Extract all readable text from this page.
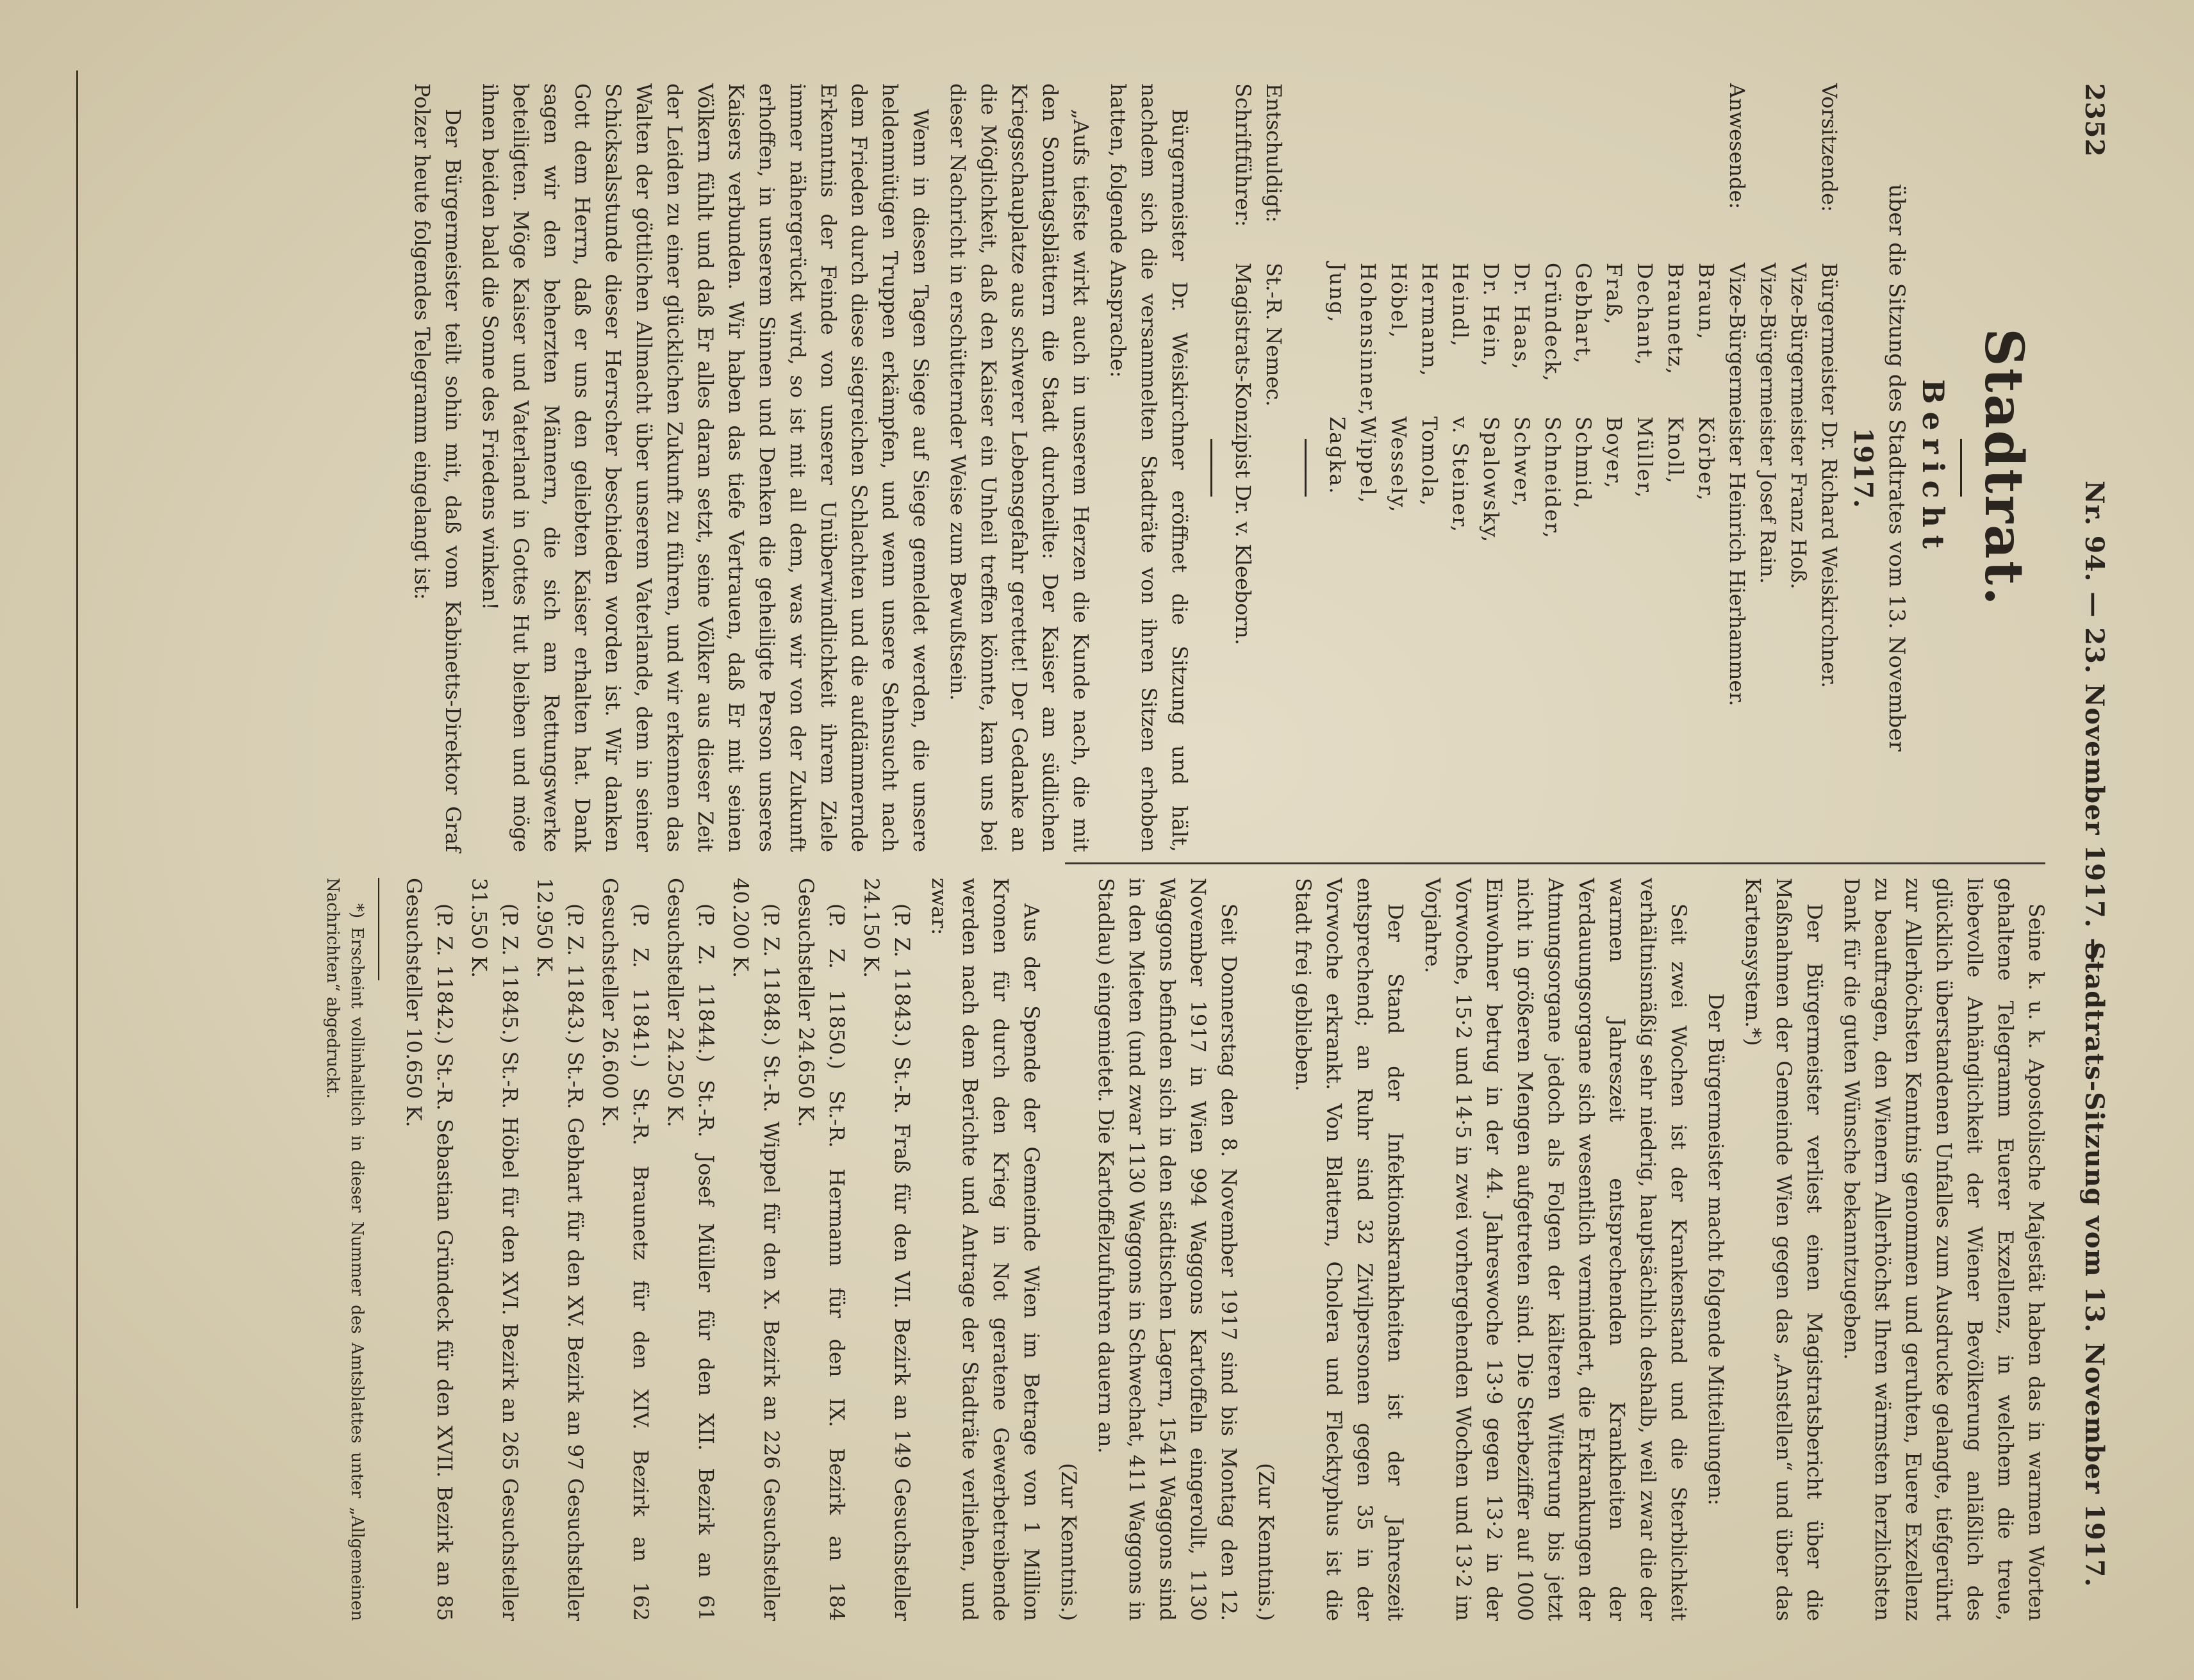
2352
Nr. 94. — 23. November 1917. —
Stadtrats-Sitzung vom 13. November 1917.
Stadtrat.
Bericht
über die Sitzung des Stadtrates vom 13. November
1917.
Vorsitzende:
Bürgermeister Dr. Richard Weiskirchner.
Vize-Bürgermeister Franz Hoß.
Vize-Bürgermeister Josef Rain.
Anwesende:
Vize-Bürgermeister Heinrich Hierhammer.
Braun,
Körber,
Braunetz,
Knoll,
Dechant,
Müller,
Fraß,
Boyer,
Gebhart,
Schmid,
Gründeck,
Schneider,
Dr. Haas,
Schwer,
Dr. Hein,
Spalowsky,
Heindl,
v. Steiner,
Hermann,
Tomola,
Höbel,
Wessely,
Hohensinner,
Wippel,
Jung,
Zagka.
Entschuldigt:
St.-R. Nemec.
Schriftführer:
Magistrats-Konzipist Dr. v. Kleeborn.

Bürgermeister Dr. Weiskirchner eröffnet die Sitzung und hält, nachdem sich die versammelten Stadträte von ihren Sitzen erhoben hatten, folgende Ansprache:

„Aufs tiefste wirkt auch in unserem Herzen die Kunde nach, die mit den Sonntagsblättern die Stadt durcheilte: Der Kaiser am südlichen Kriegsschauplatze aus schwerer Lebensgefahr gerettet! Der Gedanke an die Möglichkeit, daß den Kaiser ein Unheil treffen könnte, kam uns bei dieser Nachricht in erschütternder Weise zum Bewußtsein.

Wenn in diesen Tagen Siege auf Siege gemeldet werden, die unsere heldenmütigen Truppen erkämpfen, und wenn unsere Sehnsucht nach dem Frieden durch diese siegreichen Schlachten und die aufdämmernde Erkenntnis der Feinde von unserer Unüberwindlichkeit ihrem Ziele immer nähergerückt wird, so ist mit all dem, was wir von der Zukunft erhoffen, in unserem Sinnen und Denken die geheiligte Person unseres Kaisers verbunden. Wir haben das tiefe Vertrauen, daß Er mit seinen Völkern fühlt und daß Er alles daran setzt, seine Völker aus dieser Zeit der Leiden zu einer glücklichen Zukunft zu führen, und wir erkennen das Walten der göttlichen Allmacht über unserem Vaterlande, dem in seiner Schicksalsstunde dieser Herrscher beschieden worden ist. Wir danken Gott dem Herrn, daß er uns den geliebten Kaiser erhalten hat. Dank sagen wir den beherzten Männern, die sich am Rettungswerke beteiligten. Möge Kaiser und Vaterland in Gottes Hut bleiben und möge ihnen beiden bald die Sonne des Friedens winken!

Der Bürgermeister teilt sohin mit, daß vom Kabinetts-Direktor Graf Polzer heute folgendes Telegramm eingelangt ist:

Seine k. u. k. Apostolische Majestät haben das in warmen Worten gehaltene Telegramm Euerer Exzellenz, in welchem die treue, liebevolle Anhänglichkeit der Wiener Bevölkerung anläßlich des glücklich überstandenen Unfalles zum Ausdrucke gelangte, tiefgerührt zur Allerhöchsten Kenntnis genommen und geruhten, Euere Exzellenz zu beauftragen, den Wienern Allerhöchst Ihren wärmsten herzlichsten Dank für die guten Wünsche bekanntzugeben.

Der Bürgermeister verliest einen Magistratsbericht über die Maßnahmen der Gemeinde Wien gegen das „Anstellen“ und über das Kartensystem.*)

Der Bürgermeister macht folgende Mitteilungen:

Seit zwei Wochen ist der Krankenstand und die Sterblichkeit verhältnismäßig sehr niedrig, hauptsächlich deshalb, weil zwar die der warmen Jahreszeit entsprechenden Krankheiten der Verdauungsorgane sich wesentlich vermindert, die Erkrankungen der Atmungsorgane jedoch als Folgen der kälteren Witterung bis jetzt nicht in größeren Mengen aufgetreten sind. Die Sterbeziffer auf 1000 Einwohner betrug in der 44. Jahreswoche 13·9 gegen 13·2 in der Vorwoche, 15·2 und 14·5 in zwei vorhergehenden Wochen und 13·2 im Vorjahre.

Der Stand der Infektionskrankheiten ist der Jahreszeit entsprechend; an Ruhr sind 32 Zivilpersonen gegen 35 in der Vorwoche erkrankt. Von Blattern, Cholera und Flecktyphus ist die Stadt frei geblieben.

(Zur Kenntnis.)

Seit Donnerstag den 8. November 1917 sind bis Montag den 12. November 1917 in Wien 994 Waggons Kartoffeln eingerollt, 1130 Waggons befinden sich in den städtischen Lagern, 1541 Waggons sind in den Mieten (und zwar 1130 Waggons in Schwechat, 411 Waggons in Stadlau) eingemietet. Die Kartoffelzufuhren dauern an.

(Zur Kenntnis.)

Aus der Spende der Gemeinde Wien im Betrage von 1 Million Kronen für durch den Krieg in Not geratene Gewerbetreibende werden nach dem Berichte und Antrage der Stadträte verliehen, und zwar:

(P. Z. 11843.) St.-R. Fraß für den VII. Bezirk an 149 Gesuchsteller 24.150 K.

(P. Z. 11850.) St.-R. Hermann für den IX. Bezirk an 184 Gesuchsteller 24.650 K.

(P. Z. 11848.) St.-R. Wippel für den X. Bezirk an 226 Gesuchsteller 40.200 K.

(P. Z. 11844.) St.-R. Josef Müller für den XII. Bezirk an 61 Gesuchsteller 24.250 K.

(P. Z. 11841.) St.-R. Braunetz für den XIV. Bezirk an 162 Gesuchsteller 26.600 K.

(P. Z. 11843.) St.-R. Gebhart für den XV. Bezirk an 97 Gesuchsteller 12.950 K.

(P. Z. 11845.) St.-R. Höbel für den XVI. Bezirk an 265 Gesuchsteller 31.550 K.

(P. Z. 11842.) St.-R. Sebastian Gründeck für den XVII. Bezirk an 85 Gesuchsteller 10.650 K.

*) Erscheint vollinhaltlich in dieser Nummer des Amtsblattes unter „Allgemeinen Nachrichten“ abgedruckt.
